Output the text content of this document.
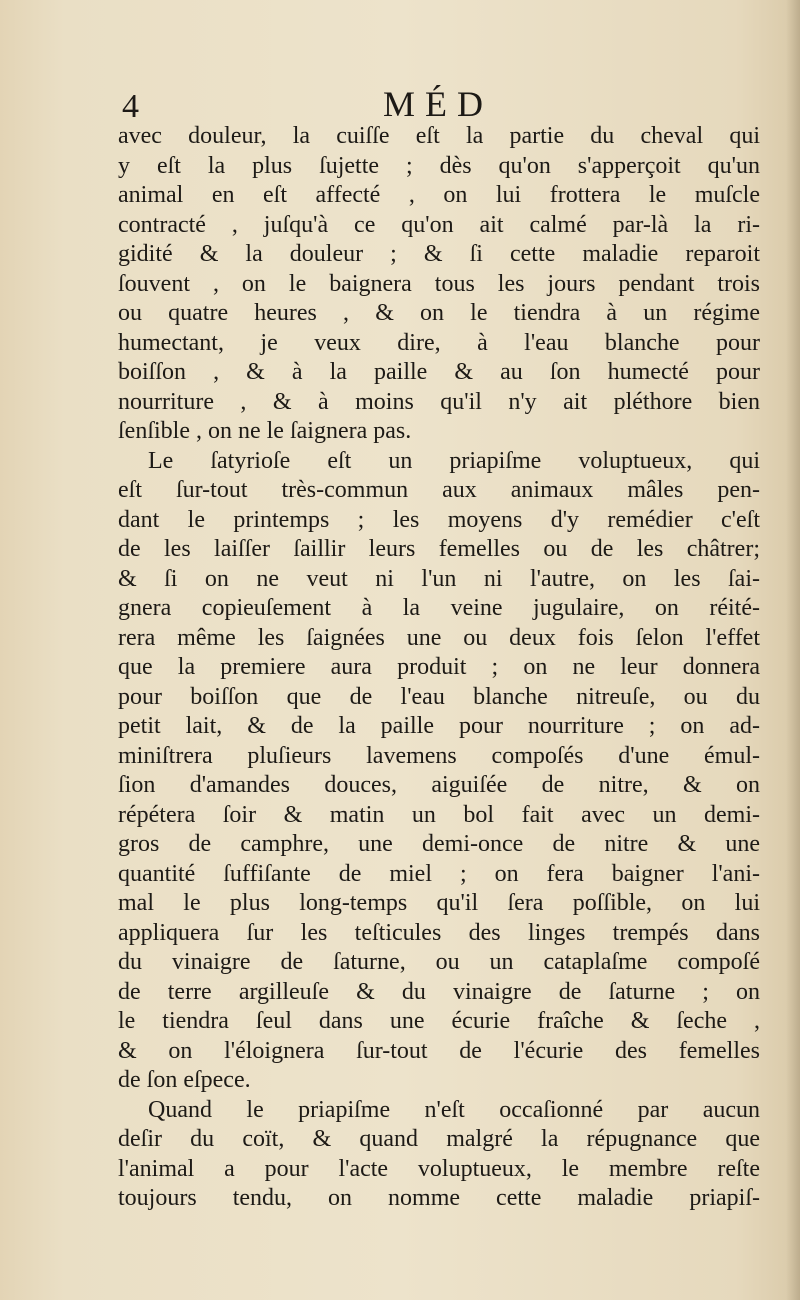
4	MÉD
avec douleur, la cuiſſe eſt la partie du cheval qui
y eſt la plus ſujette ; dès qu'on s'apperçoit qu'un
animal en eſt affecté , on lui frottera le muſcle
contracté , juſqu'à ce qu'on ait calmé par-là la ri-
gidité & la douleur ; & ſi cette maladie reparoit
ſouvent , on le baignera tous les jours pendant trois
ou quatre heures , & on le tiendra à un régime
humectant, je veux dire, à l'eau blanche pour
boiſſon , & à la paille & au ſon humecté pour
nourriture , & à moins qu'il n'y ait pléthore bien
ſenſible , on ne le ſaignera pas.
Le ſatyrioſe eſt un priapiſme voluptueux, qui
eſt ſur-tout très-commun aux animaux mâles pen-
dant le printemps ; les moyens d'y remédier c'eſt
de les laiſſer ſaillir leurs femelles ou de les châtrer;
& ſi on ne veut ni l'un ni l'autre, on les ſai-
gnera copieuſement à la veine jugulaire, on réité-
rera même les ſaignées une ou deux fois ſelon l'effet
que la premiere aura produit ; on ne leur donnera
pour boiſſon que de l'eau blanche nitreuſe, ou du
petit lait, & de la paille pour nourriture ; on ad-
miniſtrera pluſieurs lavemens compoſés d'une émul-
ſion d'amandes douces, aiguiſée de nitre, & on
répétera ſoir & matin un bol fait avec un demi-
gros de camphre, une demi-once de nitre & une
quantité ſuffiſante de miel ; on fera baigner l'ani-
mal le plus long-temps qu'il ſera poſſible, on lui
appliquera ſur les teſticules des linges trempés dans
du vinaigre de ſaturne, ou un cataplaſme compoſé
de terre argilleuſe & du vinaigre de ſaturne ; on
le tiendra ſeul dans une écurie fraîche & ſeche ,
& on l'éloignera ſur-tout de l'écurie des femelles
de ſon eſpece.
Quand le priapiſme n'eſt occaſionné par aucun
deſir du coït, & quand malgré la répugnance que
l'animal a pour l'acte voluptueux, le membre reſte
toujours tendu, on nomme cette maladie priapiſ-
